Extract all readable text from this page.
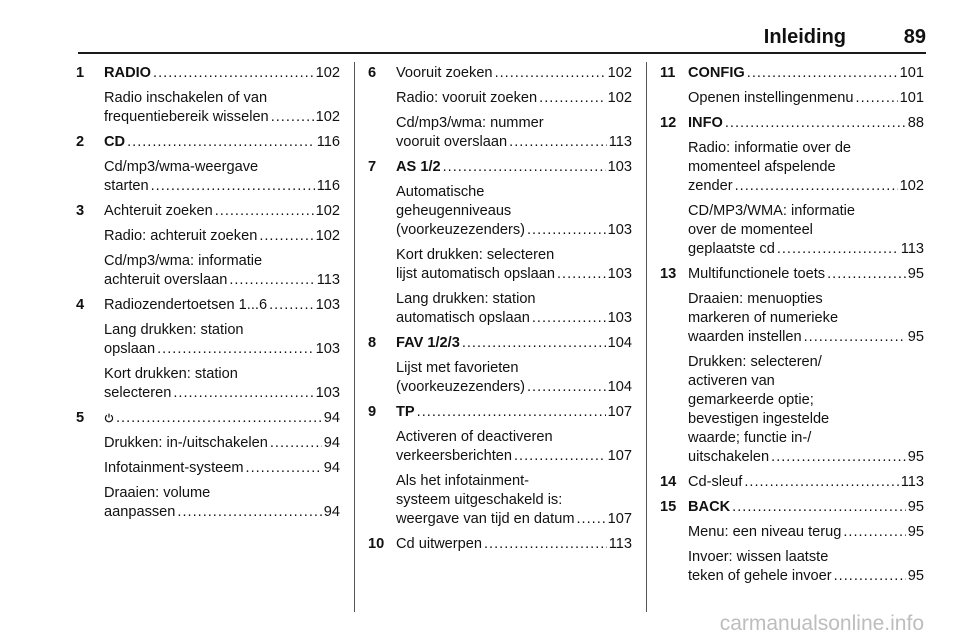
Inleiding	89
1 RADIO .....	102
Radio inschakelen of van
frequentiebereik wisselen .....	102
2 CD .....	116
Cd/mp3/wma-weergave
starten .....	116
3 Achteruit zoeken .....	102
Radio: achteruit zoeken .....	102
Cd/mp3/wma: informatie
achteruit overslaan .....	113
4 Radiozendertoetsen 1...6 .....	103
Lang drukken: station
opslaan .....	103
Kort drukken: station
selecteren .....	103
5 .....	94
Drukken: in-/uitschakelen .....	94
Infotainment-systeem .....	94
Draaien: volume
aanpassen .....	94
6 Vooruit zoeken .....	102
Radio: vooruit zoeken .....	102
Cd/mp3/wma: nummer
vooruit overslaan .....	113
7 AS 1/2 .....	103
Automatische
geheugenniveaus
(voorkeuzezenders) .....	103
Kort drukken: selecteren
lijst automatisch opslaan .....	103
Lang drukken: station
automatisch opslaan .....	103
8 FAV 1/2/3 .....	104
Lijst met favorieten
(voorkeuzezenders) .....	104
9 TP .....	107
Activeren of deactiveren
verkeersberichten .....	107
Als het infotainment-
systeem uitgeschakeld is:
weergave van tijd en datum ..... 107
10 Cd uitwerpen .....	113
11 CONFIG .....	101
Openen instellingenmenu .....	101
12 INFO .....	88
Radio: informatie over de
momenteel afspelende
zender .....	102
CD/MP3/WMA: informatie
over de momenteel
geplaatste cd .....	113
13 Multifunctionele toets .....	95
Draaien: menuopties
markeren of numerieke
waarden instellen .....	95
Drukken: selecteren/
activeren van
gemarkeerde optie;
bevestigen ingestelde
waarde; functie in-/
uitschakelen .....	95
14 Cd-sleuf .....	113
15 BACK .....	95
Menu: een niveau terug .....	95
Invoer: wissen laatste
teken of gehele invoer .....	95
carmanualsonline.info
